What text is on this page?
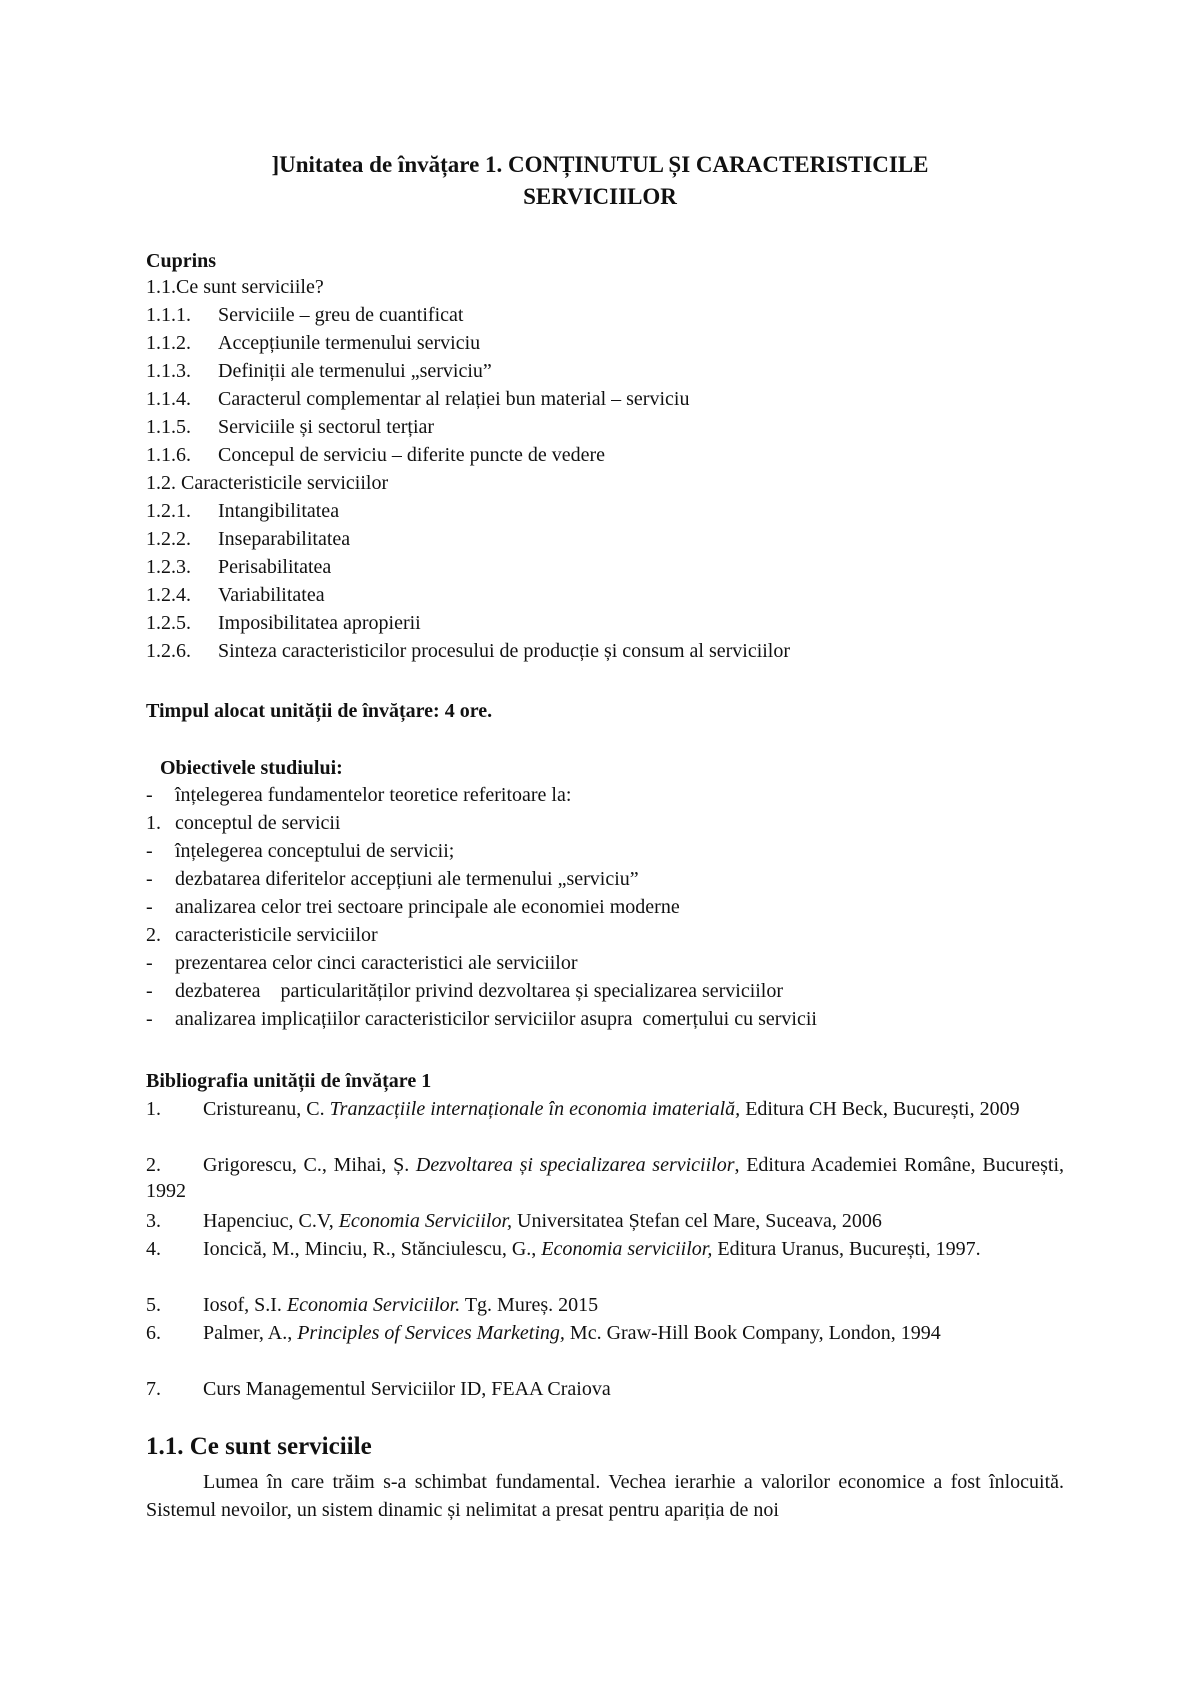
]Unitatea de învățare 1. CONȚINUTUL ȘI CARACTERISTICILE
SERVICIILOR
Cuprins
1.1.Ce sunt serviciile?
1.1.1. Serviciile – greu de cuantificat
1.1.2. Accepțiunile termenului serviciu
1.1.3. Definiții ale termenului „serviciu”
1.1.4. Caracterul complementar al relației bun material – serviciu
1.1.5. Serviciile și sectorul terțiar
1.1.6. Concepul de serviciu – diferite puncte de vedere
1.2. Caracteristicile serviciilor
1.2.1. Intangibilitatea
1.2.2. Inseparabilitatea
1.2.3. Perisabilitatea
1.2.4. Variabilitatea
1.2.5. Imposibilitatea apropierii
1.2.6. Sinteza caracteristicilor procesului de producție și consum al serviciilor
Timpul alocat unității de învățare: 4 ore.
Obiectivele studiului:
- înțelegerea fundamentelor teoretice referitoare la:
1. conceptul de servicii
- înțelegerea conceptului de servicii;
- dezbatarea diferitelor accepțiuni ale termenului „serviciu”
- analizarea celor trei sectoare principale ale economiei moderne
2. caracteristicile serviciilor
- prezentarea celor cinci caracteristici ale serviciilor
- dezbaterea    particularităților privind dezvoltarea și specializarea serviciilor
- analizarea implicațiilor caracteristicilor serviciilor asupra  comerțului cu servicii
Bibliografia unității de învățare 1
1. Cristureanu, C. Tranzacțiile internaționale în economia imaterială, Editura CH Beck, București, 2009
2. Grigorescu, C., Mihai, Ș. Dezvoltarea și specializarea serviciilor, Editura Academiei Române, București, 1992
3. Hapenciuc, C.V, Economia Serviciilor, Universitatea Ștefan cel Mare, Suceava, 2006
4. Ioncică, M., Minciu, R., Stănciulescu, G., Economia serviciilor, Editura Uranus, București, 1997.
5. Iosof, S.I. Economia Serviciilor. Tg. Mureș. 2015
6. Palmer, A., Principles of Services Marketing, Mc. Graw-Hill Book Company, London, 1994
7. Curs Managementul Serviciilor ID, FEAA Craiova
1.1. Ce sunt serviciile
Lumea în care trăim s-a schimbat fundamental. Vechea ierarhie a valorilor economice a fost înlocuită. Sistemul nevoilor, un sistem dinamic și nelimitat a presat pentru apariția de noi
